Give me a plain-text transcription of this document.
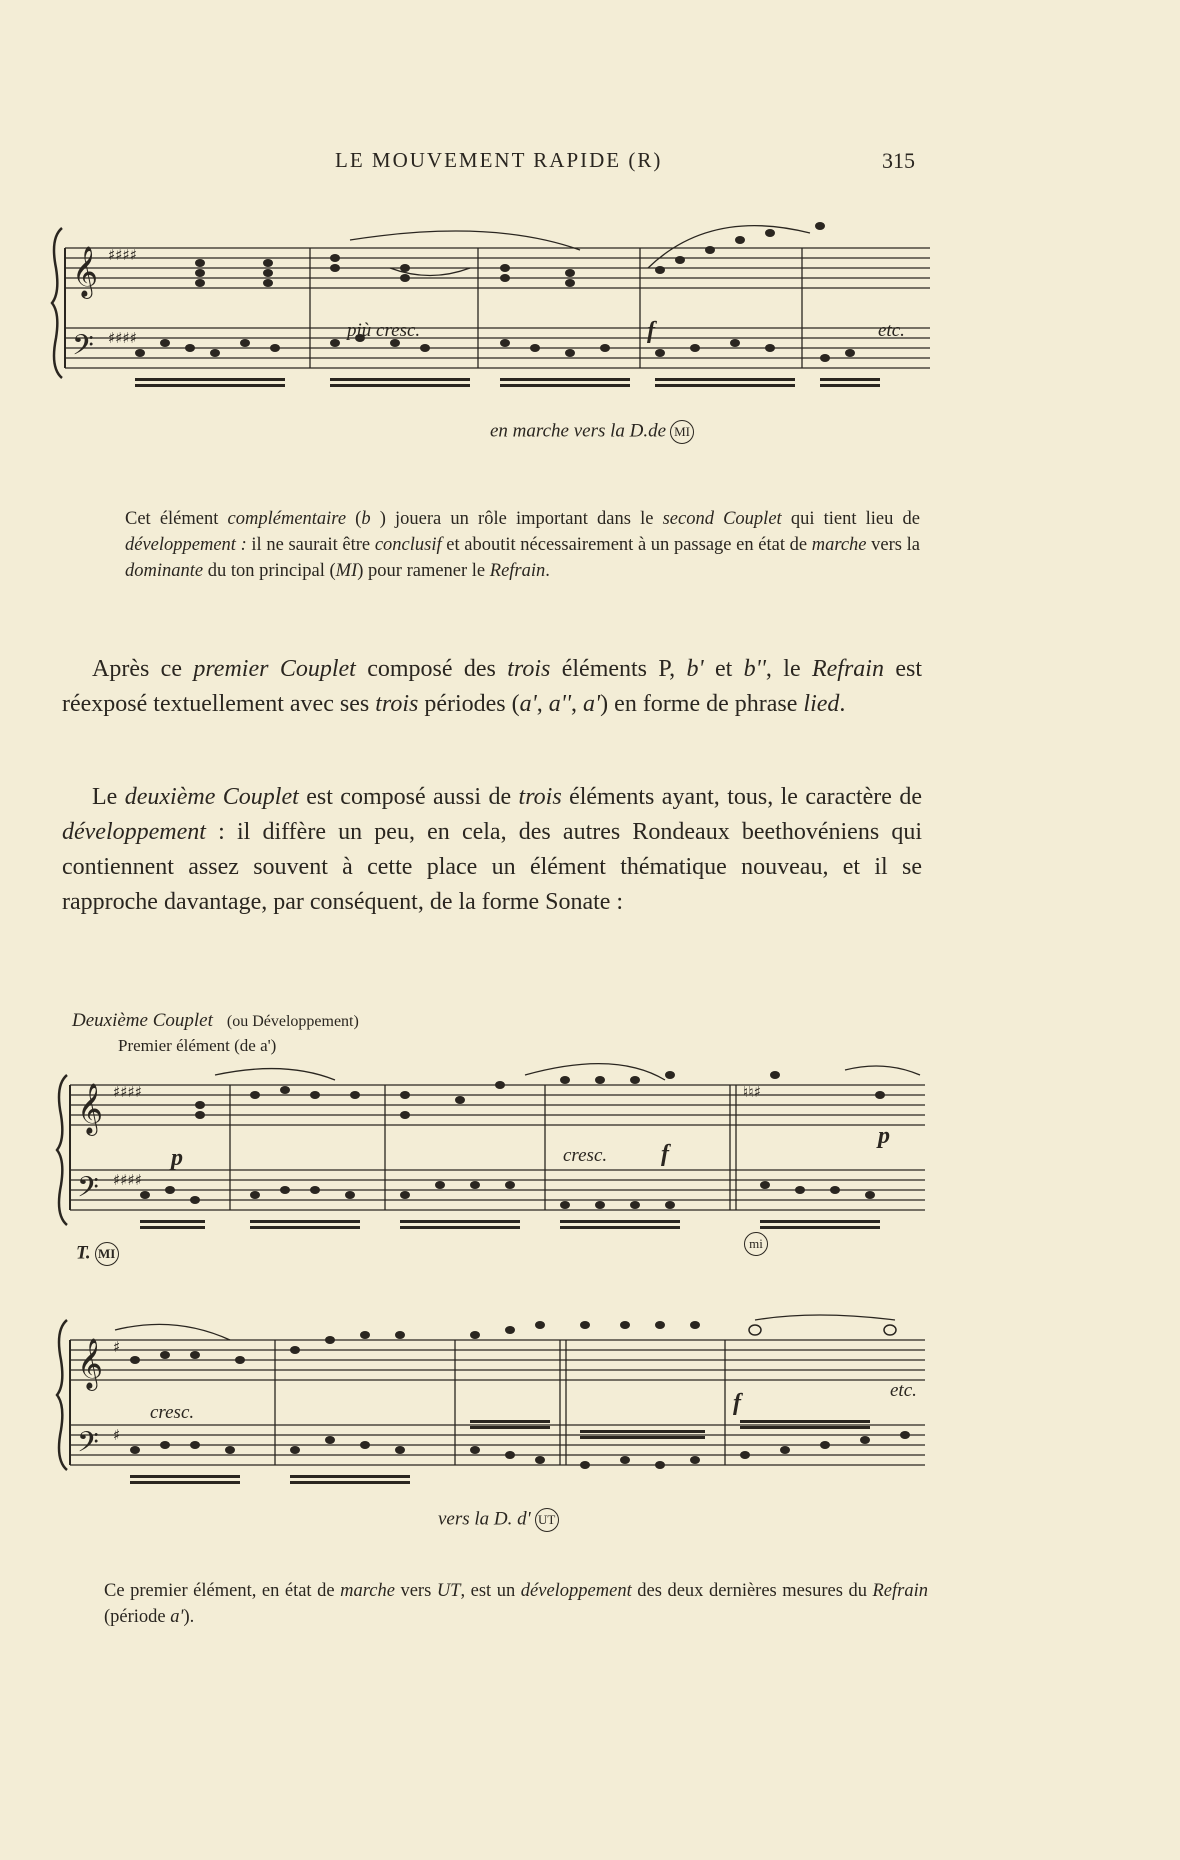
LE MOUVEMENT RAPIDE (R)	315
𝄞
𝄢
♯♯♯♯
♯♯♯♯	più cresc.	f	etc.
en marche vers la D.de MI
Cet élément complémentaire (b ) jouera un rôle important dans le second Couplet qui tient lieu de développement : il ne saurait être conclusif et aboutit nécessairement à un passage en état de marche vers la dominante du ton principal (MI) pour ramener le Refrain.
Après ce premier Couplet composé des trois éléments P, b' et b'', le Refrain est réexposé textuellement avec ses trois périodes (a', a'', a') en forme de phrase lied.
Le deuxième Couplet est composé aussi de trois éléments ayant, tous, le caractère de développement : il diffère un peu, en cela, des autres Rondeaux beethovéniens qui contiennent assez souvent à cette place un élément thématique nouveau, et il se rapproche davantage, par conséquent, de la forme Sonate :
Deuxième Couplet (ou Développement)
Premier élément (de a')
𝄞
𝄢
♯♯♯♯
♯♯♯♯
♮♮♯
p	cresc. f
p
T. MI
mi
𝄞
𝄢
♯
♯
cresc.	f	etc.
vers la D. d' UT
Ce premier élément, en état de marche vers UT, est un développement des deux dernières mesures du Refrain (période a').
